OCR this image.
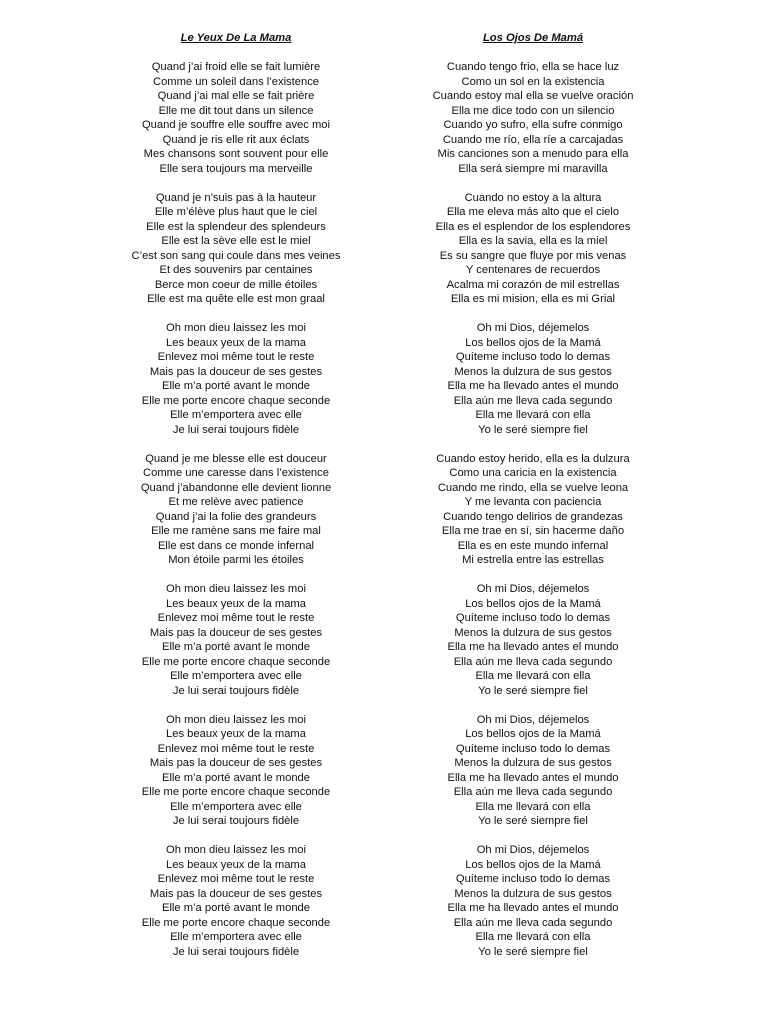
Le Yeux De La Mama
Quand j’ai froid elle se fait lumière
Comme un soleil dans l’existence
Quand j’ai mal elle se fait prière
Elle me dit tout dans un silence
Quand je souffre elle souffre avec moi
Quand je ris elle rit aux éclats
Mes chansons sont souvent pour elle
Elle sera toujours ma merveille
Quand je n’suis pas à la hauteur
Elle m’élève plus haut que le ciel
Elle est la splendeur des splendeurs
Elle est la sève elle est le miel
C’est son sang qui coule dans mes veines
Et des souvenirs par centaines
Berce mon coeur de mille étoiles
Elle est ma quête elle est mon graal
Oh mon dieu laissez les moi
Les beaux yeux de la mama
Enlevez moi même tout le reste
Mais pas la douceur de ses gestes
Elle m’a porté avant le monde
Elle me porte encore chaque seconde
Elle m’emportera avec elle
Je lui serai toujours fidèle
Quand je me blesse elle est douceur
Comme une caresse dans l’existence
Quand j’abandonne elle devient lionne
Et me relève avec patience
Quand j’ai la folie des grandeurs
Elle me ramène sans me faire mal
Elle est dans ce monde infernal
Mon étoile parmi les étoiles
Oh mon dieu laissez les moi
Les beaux yeux de la mama
Enlevez moi même tout le reste
Mais pas la douceur de ses gestes
Elle m’a porté avant le monde
Elle me porte encore chaque seconde
Elle m’emportera avec elle
Je lui serai toujours fidèle
Oh mon dieu laissez les moi
Les beaux yeux de la mama
Enlevez moi même tout le reste
Mais pas la douceur de ses gestes
Elle m’a porté avant le monde
Elle me porte encore chaque seconde
Elle m’emportera avec elle
Je lui serai toujours fidèle
Oh mon dieu laissez les moi
Les beaux yeux de la mama
Enlevez moi même tout le reste
Mais pas la douceur de ses gestes
Elle m’a porté avant le monde
Elle me porte encore chaque seconde
Elle m’emportera avec elle
Je lui serai toujours fidèle
Los Ojos De Mamá
Cuando tengo frio, ella se hace luz
Como un sol en la existencia
Cuando estoy mal ella se vuelve oración
Ella me dice todo con un silencio
Cuando yo sufro, ella sufre conmigo
Cuando me río, ella ríe a carcajadas
Mis canciones son a menudo para ella
Ella será siempre mi maravilla
Cuando no estoy a la altura
Ella me eleva más alto que el cielo
Ella es el esplendor de los esplendores
Ella es la savia, ella es la miel
Es su sangre que fluye por mis venas
Y centenares de recuerdos
Acalma mi corazón de mil estrellas
Ella es mi mision, ella es mi Grial
Oh mi Dios, déjemelos
Los bellos ojos de la Mamá
Quíteme incluso todo lo demas
Menos la dulzura de sus gestos
Ella me ha llevado antes el mundo
Ella aún me lleva cada segundo
Ella me llevará con ella
Yo le seré siempre fiel
Cuando estoy herido, ella es la dulzura
Como una caricia en la existencia
Cuando me rindo, ella se vuelve leona
Y me levanta con paciencia
Cuando tengo delirios de grandezas
Ella me trae en sí, sin hacerme daño
Ella es en este mundo infernal
Mi estrella entre las estrellas
Oh mi Dios, déjemelos
Los bellos ojos de la Mamá
Quíteme incluso todo lo demas
Menos la dulzura de sus gestos
Ella me ha llevado antes el mundo
Ella aún me lleva cada segundo
Ella me llevará con ella
Yo le seré siempre fiel
Oh mi Dios, déjemelos
Los bellos ojos de la Mamá
Quíteme incluso todo lo demas
Menos la dulzura de sus gestos
Ella me ha llevado antes el mundo
Ella aún me lleva cada segundo
Ella me llevará con ella
Yo le seré siempre fiel
Oh mi Dios, déjemelos
Los bellos ojos de la Mamá
Quíteme incluso todo lo demas
Menos la dulzura de sus gestos
Ella me ha llevado antes el mundo
Ella aún me lleva cada segundo
Ella me llevará con ella
Yo le seré siempre fiel
